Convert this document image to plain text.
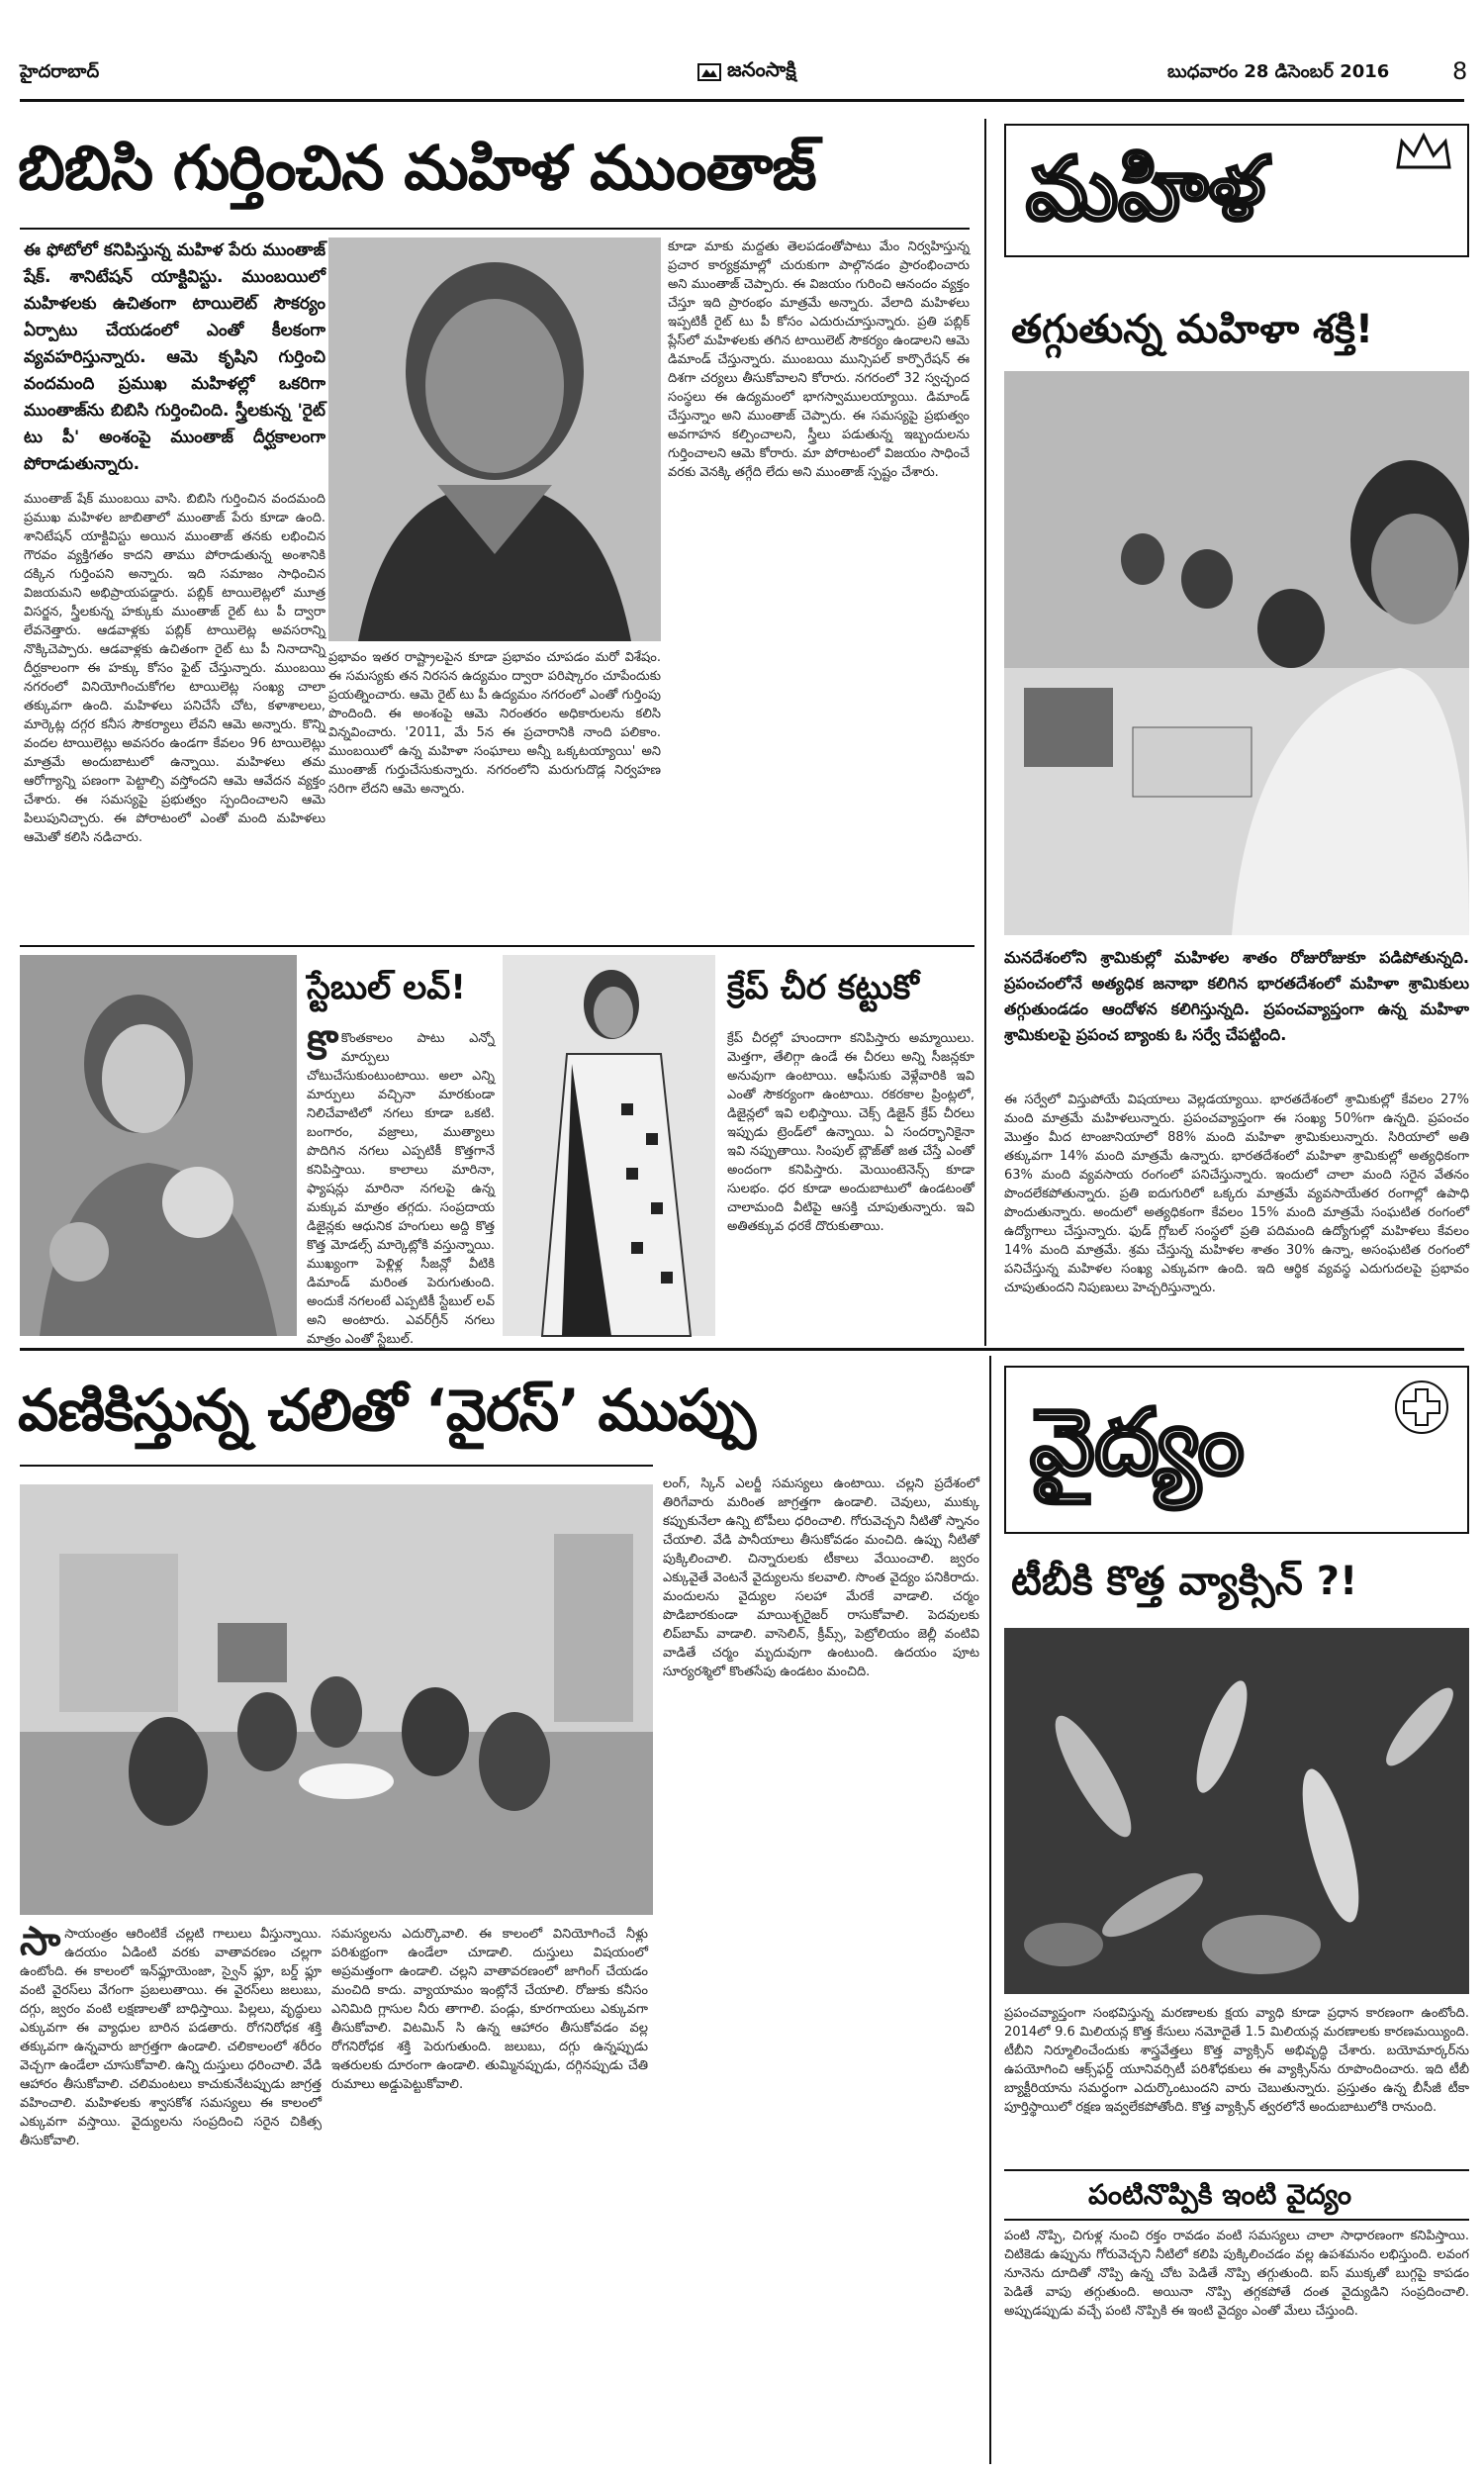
హైదరాబాద్	జనంసాక్షి	బుధవారం 28 డిసెంబర్ 2016	8
బిబిసి గుర్తించిన మహిళ ముంతాజ్
ఈ ఫోటోలో కనిపిస్తున్న మహిళ పేరు ముంతాజ్ షేక్. శానిటేషన్ యాక్టివిస్టు. ముంబయిలో మహిళలకు ఉచితంగా టాయిలెట్ సౌకర్యం ఏర్పాటు చేయడంలో ఎంతో కీలకంగా వ్యవహరిస్తున్నారు. ఆమె కృషిని గుర్తించి వందమంది ప్రముఖ మహిళల్లో ఒకరిగా ముంతాజ్‌ను బిబిసి గుర్తించింది. స్త్రీలకున్న 'రైట్ టు పీ' అంశంపై ముంతాజ్ దీర్ఘకాలంగా పోరాడుతున్నారు.
ముంతాజ్ షేక్ ముంబయి వాసి. బిబిసి గుర్తించిన వందమంది ప్రముఖ మహిళల జాబితాలో ముంతాజ్ పేరు కూడా ఉంది. శానిటేషన్ యాక్టివిస్టు అయిన ముంతాజ్ తనకు లభించిన గౌరవం వ్యక్తిగతం కాదని తాము పోరాడుతున్న అంశానికి దక్కిన గుర్తింపని అన్నారు. ఇది సమాజం సాధించిన విజయమని అభిప్రాయపడ్డారు. పబ్లిక్ టాయిలెట్లలో మూత్ర విసర్జన, స్త్రీలకున్న హక్కుకు ముంతాజ్ రైట్ టు పీ ద్వారా లేవనెత్తారు. ఆడవాళ్లకు పబ్లిక్ టాయిలెట్ల అవసరాన్ని నొక్కిచెప్పారు. ఆడవాళ్లకు ఉచితంగా రైట్ టు పీ నినాదాన్ని దీర్ఘకాలంగా ఈ హక్కు కోసం ఫైట్ చేస్తున్నారు. ముంబయి నగరంలో వినియోగించుకోగల టాయిలెట్ల సంఖ్య చాలా తక్కువగా ఉంది. మహిళలు పనిచేసే చోట, కళాశాలలు, మార్కెట్ల దగ్గర కనీస సౌకర్యాలు లేవని ఆమె అన్నారు. కొన్ని వందల టాయిలెట్లు అవసరం ఉండగా కేవలం 96 టాయిలెట్లు మాత్రమే అందుబాటులో ఉన్నాయి. మహిళలు తమ ఆరోగ్యాన్ని పణంగా పెట్టాల్సి వస్తోందని ఆమె ఆవేదన వ్యక్తం చేశారు. ఈ సమస్యపై ప్రభుత్వం స్పందించాలని ఆమె పిలుపునిచ్చారు. ఈ పోరాటంలో ఎంతో మంది మహిళలు ఆమెతో కలిసి నడిచారు.
ప్రభావం ఇతర రాష్ట్రాలపైన కూడా ప్రభావం చూపడం మరో విశేషం. ఈ సమస్యకు తన నిరసన ఉద్యమం ద్వారా పరిష్కారం చూపేందుకు ప్రయత్నించారు. ఆమె రైట్ టు పీ ఉద్యమం నగరంలో ఎంతో గుర్తింపు పొందింది. ఈ అంశంపై ఆమె నిరంతరం అధికారులను కలిసి విన్నవించారు. '2011, మే 5న ఈ ప్రచారానికి నాంది పలికాం. ముంబయిలో ఉన్న మహిళా సంఘాలు అన్నీ ఒక్కటయ్యాయి' అని ముంతాజ్ గుర్తుచేసుకున్నారు. నగరంలోని మరుగుదొడ్ల నిర్వహణ సరిగా లేదని ఆమె అన్నారు.
కూడా మాకు మద్దతు తెలపడంతోపాటు మేం నిర్వహిస్తున్న ప్రచార కార్యక్రమాల్లో చురుకుగా పాల్గొనడం ప్రారంభించారు అని ముంతాజ్ చెప్పారు. ఈ విజయం గురించి ఆనందం వ్యక్తం చేస్తూ ఇది ప్రారంభం మాత్రమే అన్నారు. వేలాది మహిళలు ఇప్పటికీ రైట్ టు పీ కోసం ఎదురుచూస్తున్నారు. ప్రతి పబ్లిక్ ప్లేస్‌లో మహిళలకు తగిన టాయిలెట్ సౌకర్యం ఉండాలని ఆమె డిమాండ్ చేస్తున్నారు. ముంబయి మున్సిపల్ కార్పొరేషన్ ఈ దిశగా చర్యలు తీసుకోవాలని కోరారు. నగరంలో 32 స్వచ్ఛంద సంస్థలు ఈ ఉద్యమంలో భాగస్వాములయ్యాయి. డిమాండ్ చేస్తున్నాం అని ముంతాజ్ చెప్పారు. ఈ సమస్యపై ప్రభుత్వం అవగాహన కల్పించాలని, స్త్రీలు పడుతున్న ఇబ్బందులను గుర్తించాలని ఆమె కోరారు. మా పోరాటంలో విజయం సాధించే వరకు వెనక్కి తగ్గేది లేదు అని ముంతాజ్ స్పష్టం చేశారు.
స్టేబుల్ లవ్!
కొకొంతకాలం పాటు ఎన్నో మార్పులు చోటుచేసుకుంటుంటాయి. అలా ఎన్ని మార్పులు వచ్చినా మారకుండా నిలిచేవాటిలో నగలు కూడా ఒకటి. బంగారం, వజ్రాలు, ముత్యాలు పొదిగిన నగలు ఎప్పటికీ కొత్తగానే కనిపిస్తాయి. కాలాలు మారినా, ఫ్యాషన్లు మారినా నగలపై ఉన్న మక్కువ మాత్రం తగ్గదు. సంప్రదాయ డిజైన్లకు ఆధునిక హంగులు అద్ది కొత్త కొత్త మోడల్స్ మార్కెట్లోకి వస్తున్నాయి. ముఖ్యంగా పెళ్లిళ్ల సీజన్లో వీటికి డిమాండ్ మరింత పెరుగుతుంది. అందుకే నగలంటే ఎప్పటికీ స్టేబుల్ లవ్ అని అంటారు. ఎవర్‌గ్రీన్ నగలు మాత్రం ఎంతో స్టేబుల్.
క్రేప్ చీర కట్టుకో
క్రేప్ చీరల్లో హుందాగా కనిపిస్తారు అమ్మాయిలు. మెత్తగా, తేలిగ్గా ఉండే ఈ చీరలు అన్ని సీజన్లకూ అనువుగా ఉంటాయి. ఆఫీసుకు వెళ్లేవారికి ఇవి ఎంతో సౌకర్యంగా ఉంటాయి. రకరకాల ప్రింట్లలో, డిజైన్లలో ఇవి లభిస్తాయి. చెక్స్ డిజైన్ క్రేప్ చీరలు ఇప్పుడు ట్రెండ్‌లో ఉన్నాయి. ఏ సందర్భానికైనా ఇవి నప్పుతాయి. సింపుల్ బ్లౌజ్‌తో జత చేస్తే ఎంతో అందంగా కనిపిస్తారు. మెయింటెనెన్స్ కూడా సులభం. ధర కూడా అందుబాటులో ఉండటంతో చాలామంది వీటిపై ఆసక్తి చూపుతున్నారు. ఇవి అతితక్కువ ధరకే దొరుకుతాయి.
మహిళ
తగ్గుతున్న మహిళా శక్తి!
మనదేశంలోని శ్రామికుల్లో మహిళల శాతం రోజురోజుకూ పడిపోతున్నది. ప్రపంచంలోనే అత్యధిక జనాభా కలిగిన భారతదేశంలో మహిళా శ్రామికులు తగ్గుతుండడం ఆందోళన కలిగిస్తున్నది. ప్రపంచవ్యాప్తంగా ఉన్న మహిళా శ్రామికులపై ప్రపంచ బ్యాంకు ఓ సర్వే చేపట్టింది.
ఈ సర్వేలో విస్తుపోయే విషయాలు వెల్లడయ్యాయి. భారతదేశంలో శ్రామికుల్లో కేవలం 27% మంది మాత్రమే మహిళలున్నారు. ప్రపంచవ్యాప్తంగా ఈ సంఖ్య 50%గా ఉన్నది. ప్రపంచం మొత్తం మీద టాంజానియాలో 88% మంది మహిళా శ్రామికులున్నారు. సిరియాలో అతి తక్కువగా 14% మంది మాత్రమే ఉన్నారు. భారతదేశంలో మహిళా శ్రామికుల్లో అత్యధికంగా 63% మంది వ్యవసాయ రంగంలో పనిచేస్తున్నారు. ఇందులో చాలా మంది సరైన వేతనం పొందలేకపోతున్నారు. ప్రతి ఐదుగురిలో ఒక్కరు మాత్రమే వ్యవసాయేతర రంగాల్లో ఉపాధి పొందుతున్నారు. అందులో అత్యధికంగా కేవలం 15% మంది మాత్రమే సంఘటిత రంగంలో ఉద్యోగాలు చేస్తున్నారు. ఫుడ్ గ్లోబల్ సంస్థలో ప్రతి పదిమంది ఉద్యోగుల్లో మహిళలు కేవలం 14% మంది మాత్రమే. శ్రమ చేస్తున్న మహిళల శాతం 30% ఉన్నా, అసంఘటిత రంగంలో పనిచేస్తున్న మహిళల సంఖ్య ఎక్కువగా ఉంది. ఇది ఆర్థిక వ్యవస్థ ఎదుగుదలపై ప్రభావం చూపుతుందని నిపుణులు హెచ్చరిస్తున్నారు.
వణికిస్తున్న చలితో ‘వైరస్’ ముప్పు
సాసాయంత్రం ఆరింటికే చల్లటి గాలులు వీస్తున్నాయి. ఉదయం ఏడింటి వరకు వాతావరణం చల్లగా ఉంటోంది. ఈ కాలంలో ఇన్‌ఫ్లూయెంజా, స్వైన్ ఫ్లూ, బర్డ్ ఫ్లూ వంటి వైరస్‌లు వేగంగా ప్రబలుతాయి. ఈ వైరస్‌లు జలుబు, దగ్గు, జ్వరం వంటి లక్షణాలతో బాధిస్తాయి. పిల్లలు, వృద్ధులు ఎక్కువగా ఈ వ్యాధుల బారిన పడతారు. రోగనిరోధక శక్తి తక్కువగా ఉన్నవారు జాగ్రత్తగా ఉండాలి. చలికాలంలో శరీరం వెచ్చగా ఉండేలా చూసుకోవాలి. ఉన్ని దుస్తులు ధరించాలి. వేడి ఆహారం తీసుకోవాలి. చలిమంటలు కాచుకునేటప్పుడు జాగ్రత్త వహించాలి. మహిళలకు శ్వాసకోశ సమస్యలు ఈ కాలంలో ఎక్కువగా వస్తాయి. వైద్యులను సంప్రదించి సరైన చికిత్స తీసుకోవాలి.
సమస్యలను ఎదుర్కొవాలి. ఈ కాలంలో వినియోగించే నీళ్లు పరిశుభ్రంగా ఉండేలా చూడాలి. దుస్తులు విషయంలో అప్రమత్తంగా ఉండాలి. చల్లని వాతావరణంలో జాగింగ్ చేయడం మంచిది కాదు. వ్యాయామం ఇంట్లోనే చేయాలి. రోజుకు కనీసం ఎనిమిది గ్లాసుల నీరు తాగాలి. పండ్లు, కూరగాయలు ఎక్కువగా తీసుకోవాలి. విటమిన్ సి ఉన్న ఆహారం తీసుకోవడం వల్ల రోగనిరోధక శక్తి పెరుగుతుంది. జలుబు, దగ్గు ఉన్నప్పుడు ఇతరులకు దూరంగా ఉండాలి. తుమ్మినప్పుడు, దగ్గినప్పుడు చేతి రుమాలు అడ్డుపెట్టుకోవాలి.
లంగ్, స్కిన్ ఎలర్జీ సమస్యలు ఉంటాయి. చల్లని ప్రదేశంలో తిరిగేవారు మరింత జాగ్రత్తగా ఉండాలి. చెవులు, ముక్కు కప్పుకునేలా ఉన్ని టోపీలు ధరించాలి. గోరువెచ్చని నీటితో స్నానం చేయాలి. వేడి పానీయాలు తీసుకోవడం మంచిది. ఉప్పు నీటితో పుక్కిలించాలి. చిన్నారులకు టీకాలు వేయించాలి. జ్వరం ఎక్కువైతే వెంటనే వైద్యులను కలవాలి. సొంత వైద్యం పనికిరాదు. మందులను వైద్యుల సలహా మేరకే వాడాలి. చర్మం పొడిబారకుండా మాయిశ్చరైజర్ రాసుకోవాలి. పెదవులకు లిప్‌బామ్ వాడాలి. వాసెలిన్, క్రీమ్స్, పెట్రోలియం జెల్లీ వంటివి వాడితే చర్మం మృదువుగా ఉంటుంది. ఉదయం పూట సూర్యరశ్మిలో కొంతసేపు ఉండటం మంచిది.
వైద్యం
టీబీకి కొత్త వ్యాక్సిన్ ?!
ప్రపంచవ్యాప్తంగా సంభవిస్తున్న మరణాలకు క్షయ వ్యాధి కూడా ప్రధాన కారణంగా ఉంటోంది. 2014లో 9.6 మిలియన్ల కొత్త కేసులు నమోదైతే 1.5 మిలియన్ల మరణాలకు కారణమయ్యింది. టీబీని నిర్మూలించేందుకు శాస్త్రవేత్తలు కొత్త వ్యాక్సిన్ అభివృద్ధి చేశారు. బయోమార్కర్‌ను ఉపయోగించి ఆక్స్‌ఫర్డ్ యూనివర్సిటీ పరిశోధకులు ఈ వ్యాక్సిన్‌ను రూపొందించారు. ఇది టీబీ బ్యాక్టీరియాను సమర్థంగా ఎదుర్కొంటుందని వారు చెబుతున్నారు. ప్రస్తుతం ఉన్న బీసీజీ టీకా పూర్తిస్థాయిలో రక్షణ ఇవ్వలేకపోతోంది. కొత్త వ్యాక్సిన్ త్వరలోనే అందుబాటులోకి రానుంది.
పంటినొప్పికి ఇంటి వైద్యం
పంటి నొప్పి, చిగుళ్ల నుంచి రక్తం రావడం వంటి సమస్యలు చాలా సాధారణంగా కనిపిస్తాయి. చిటికెడు ఉప్పును గోరువెచ్చని నీటిలో కలిపి పుక్కిలించడం వల్ల ఉపశమనం లభిస్తుంది. లవంగ నూనెను దూదితో నొప్పి ఉన్న చోట పెడితే నొప్పి తగ్గుతుంది. ఐస్ ముక్కతో బుగ్గపై కాపడం పెడితే వాపు తగ్గుతుంది. అయినా నొప్పి తగ్గకపోతే దంత వైద్యుడిని సంప్రదించాలి. అప్పుడప్పుడు వచ్చే పంటి నొప్పికి ఈ ఇంటి వైద్యం ఎంతో మేలు చేస్తుంది.
